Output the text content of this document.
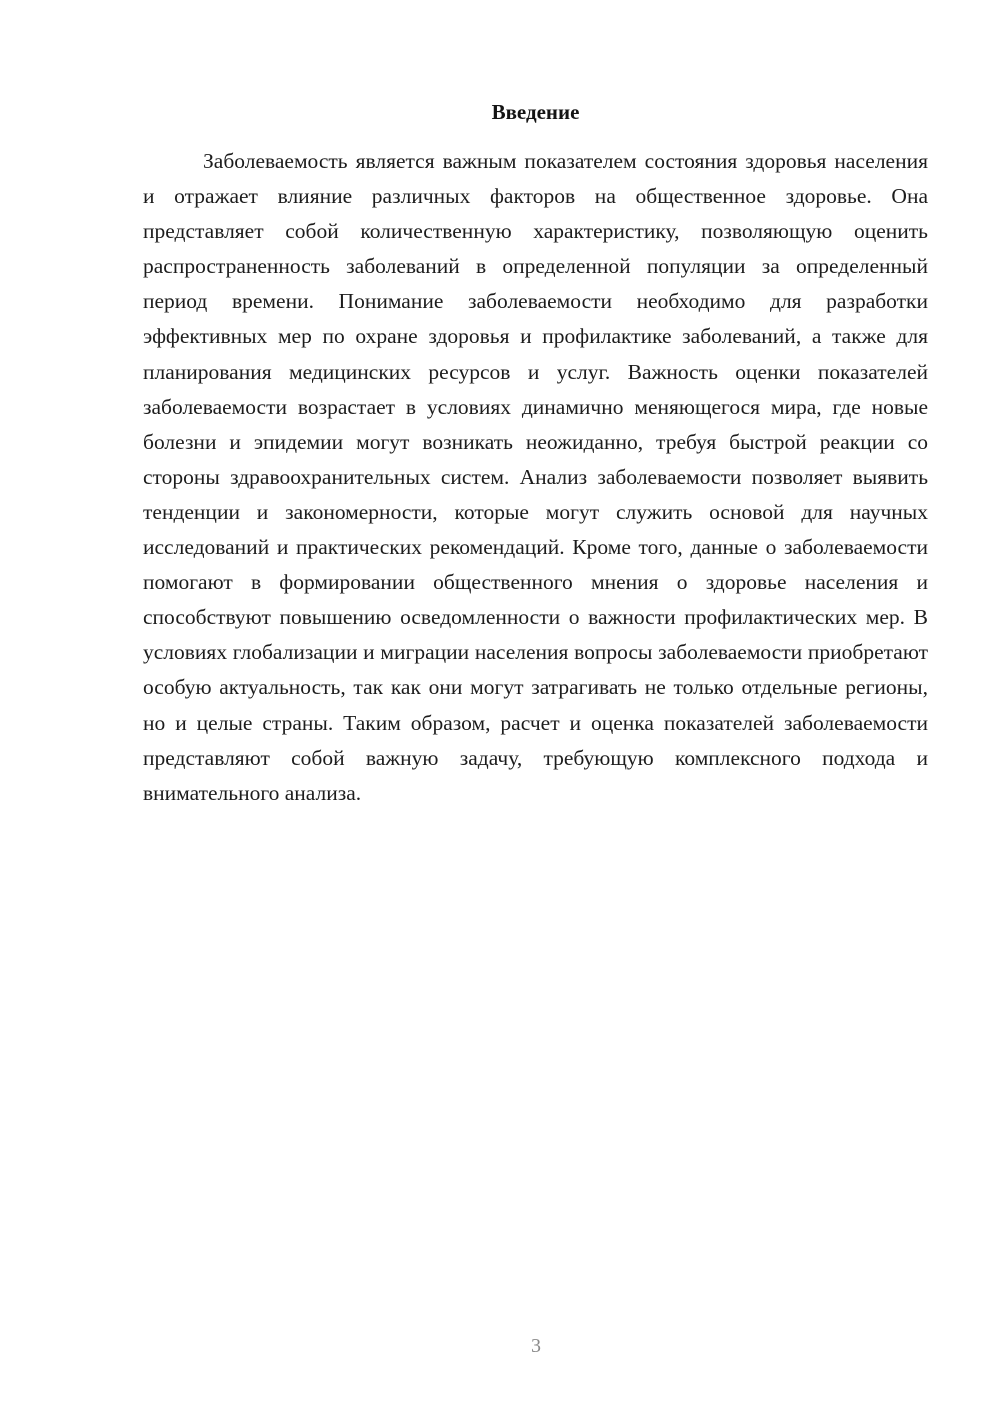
Введение

Заболеваемость является важным показателем состояния здоровья населения и отражает влияние различных факторов на общественное здоровье. Она представляет собой количественную характеристику, позволяющую оценить распространенность заболеваний в определенной популяции за определенный период времени. Понимание заболеваемости необходимо для разработки эффективных мер по охране здоровья и профилактике заболеваний, а также для планирования медицинских ресурсов и услуг. Важность оценки показателей заболеваемости возрастает в условиях динамично меняющегося мира, где новые болезни и эпидемии могут возникать неожиданно, требуя быстрой реакции со стороны здравоохранительных систем. Анализ заболеваемости позволяет выявить тенденции и закономерности, которые могут служить основой для научных исследований и практических рекомендаций. Кроме того, данные о заболеваемости помогают в формировании общественного мнения о здоровье населения и способствуют повышению осведомленности о важности профилактических мер. В условиях глобализации и миграции населения вопросы заболеваемости приобретают особую актуальность, так как они могут затрагивать не только отдельные регионы, но и целые страны. Таким образом, расчет и оценка показателей заболеваемости представляют собой важную задачу, требующую комплексного подхода и внимательного анализа.

3
